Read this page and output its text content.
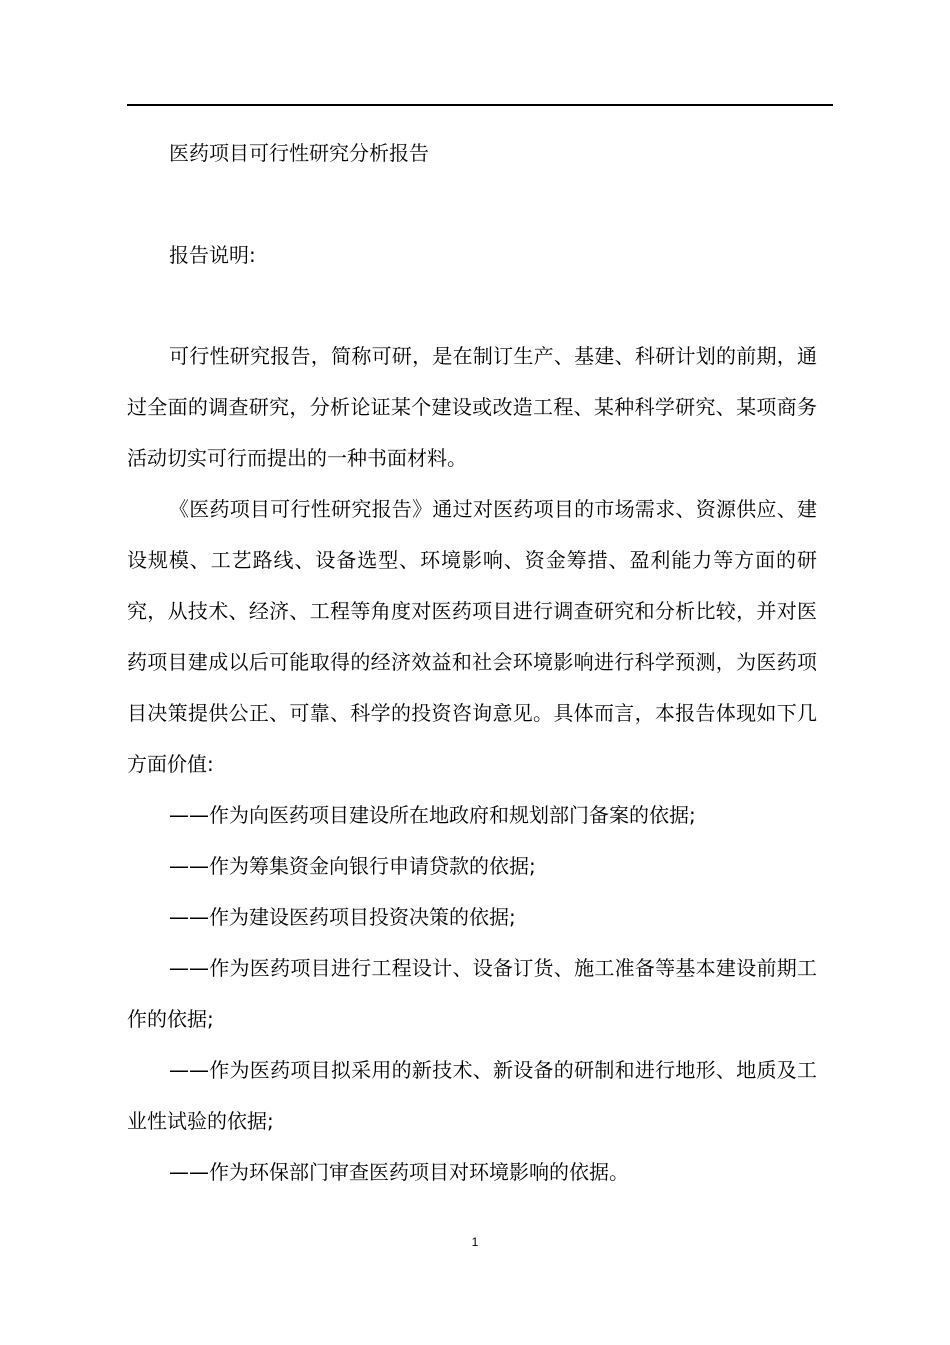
医药项目可行性研究分析报告

报告说明:

可行性研究报告，简称可研，是在制订生产、基建、科研计划的前期，通过全面的调查研究，分析论证某个建设或改造工程、某种科学研究、某项商务活动切实可行而提出的一种书面材料。

《医药项目可行性研究报告》通过对医药项目的市场需求、资源供应、建设规模、工艺路线、设备选型、环境影响、资金筹措、盈利能力等方面的研究，从技术、经济、工程等角度对医药项目进行调查研究和分析比较，并对医药项目建成以后可能取得的经济效益和社会环境影响进行科学预测，为医药项目决策提供公正、可靠、科学的投资咨询意见。具体而言，本报告体现如下几方面价值:

——作为向医药项目建设所在地政府和规划部门备案的依据;

——作为筹集资金向银行申请贷款的依据;

——作为建设医药项目投资决策的依据;

——作为医药项目进行工程设计、设备订货、施工准备等基本建设前期工作的依据;

——作为医药项目拟采用的新技术、新设备的研制和进行地形、地质及工业性试验的依据;

——作为环保部门审查医药项目对环境影响的依据。

1
